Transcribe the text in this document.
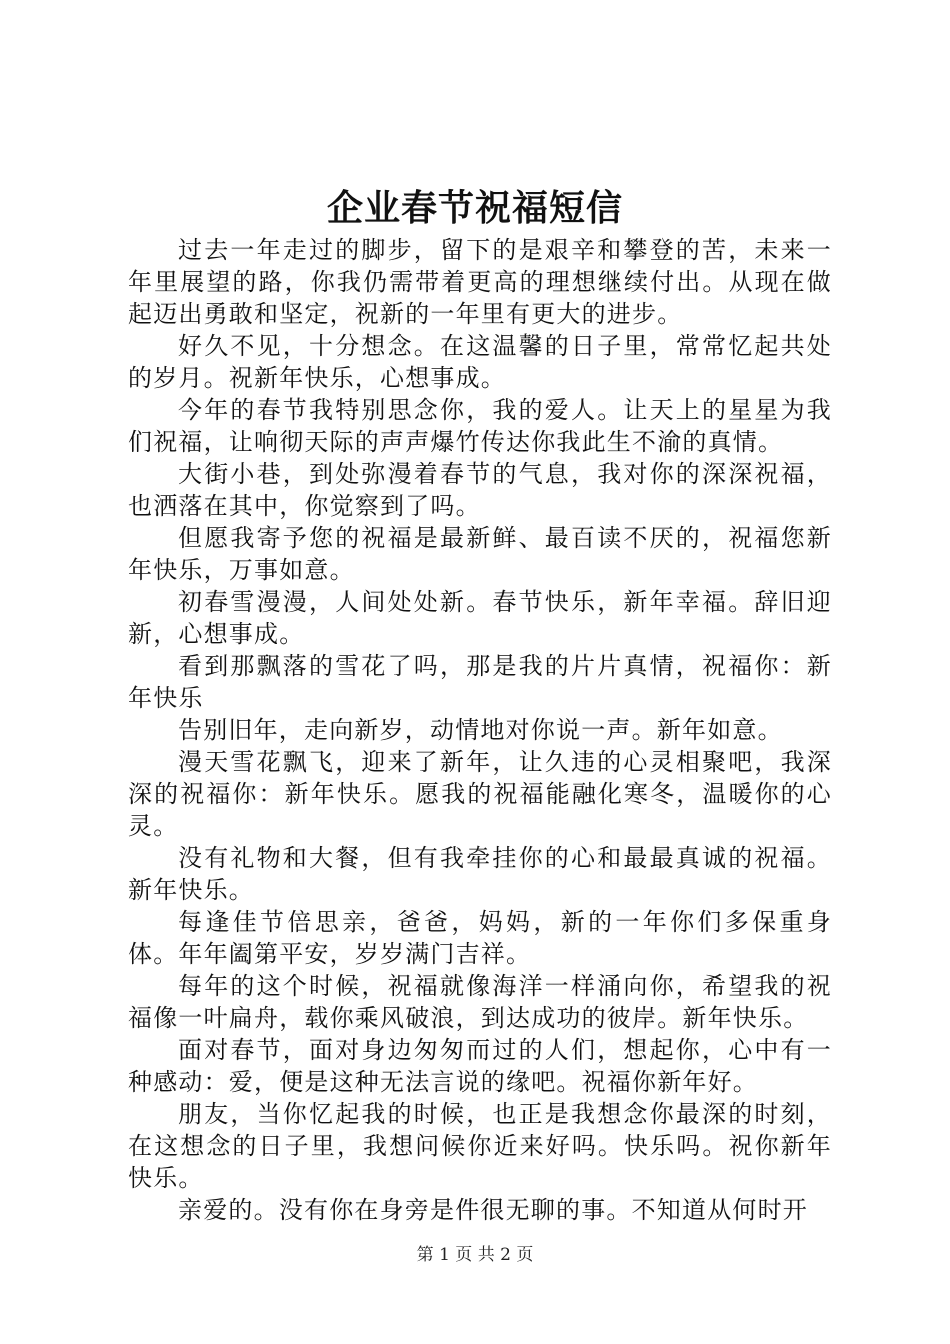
企业春节祝福短信

过去一年走过的脚步，留下的是艰辛和攀登的苦，未来一年里展望的路，你我仍需带着更高的理想继续付出。从现在做起迈出勇敢和坚定，祝新的一年里有更大的进步。

好久不见，十分想念。在这温馨的日子里，常常忆起共处的岁月。祝新年快乐，心想事成。

今年的春节我特别思念你，我的爱人。让天上的星星为我们祝福，让响彻天际的声声爆竹传达你我此生不渝的真情。

大街小巷，到处弥漫着春节的气息，我对你的深深祝福，也洒落在其中，你觉察到了吗。

但愿我寄予您的祝福是最新鲜、最百读不厌的，祝福您新年快乐，万事如意。

初春雪漫漫，人间处处新。春节快乐，新年幸福。辞旧迎新，心想事成。

看到那飘落的雪花了吗，那是我的片片真情，祝福你：新年快乐

告别旧年，走向新岁，动情地对你说一声。新年如意。

漫天雪花飘飞，迎来了新年，让久违的心灵相聚吧，我深深的祝福你：新年快乐。愿我的祝福能融化寒冬，温暖你的心灵。

没有礼物和大餐，但有我牵挂你的心和最最真诚的祝福。新年快乐。

每逢佳节倍思亲，爸爸，妈妈，新的一年你们多保重身体。年年阖第平安，岁岁满门吉祥。

每年的这个时候，祝福就像海洋一样涌向你，希望我的祝福像一叶扁舟，载你乘风破浪，到达成功的彼岸。新年快乐。

面对春节，面对身边匆匆而过的人们，想起你，心中有一种感动：爱，便是这种无法言说的缘吧。祝福你新年好。

朋友，当你忆起我的时候，也正是我想念你最深的时刻，在这想念的日子里，我想问候你近来好吗。快乐吗。祝你新年快乐。

亲爱的。没有你在身旁是件很无聊的事。不知道从何时开

第 1 页 共 2 页
